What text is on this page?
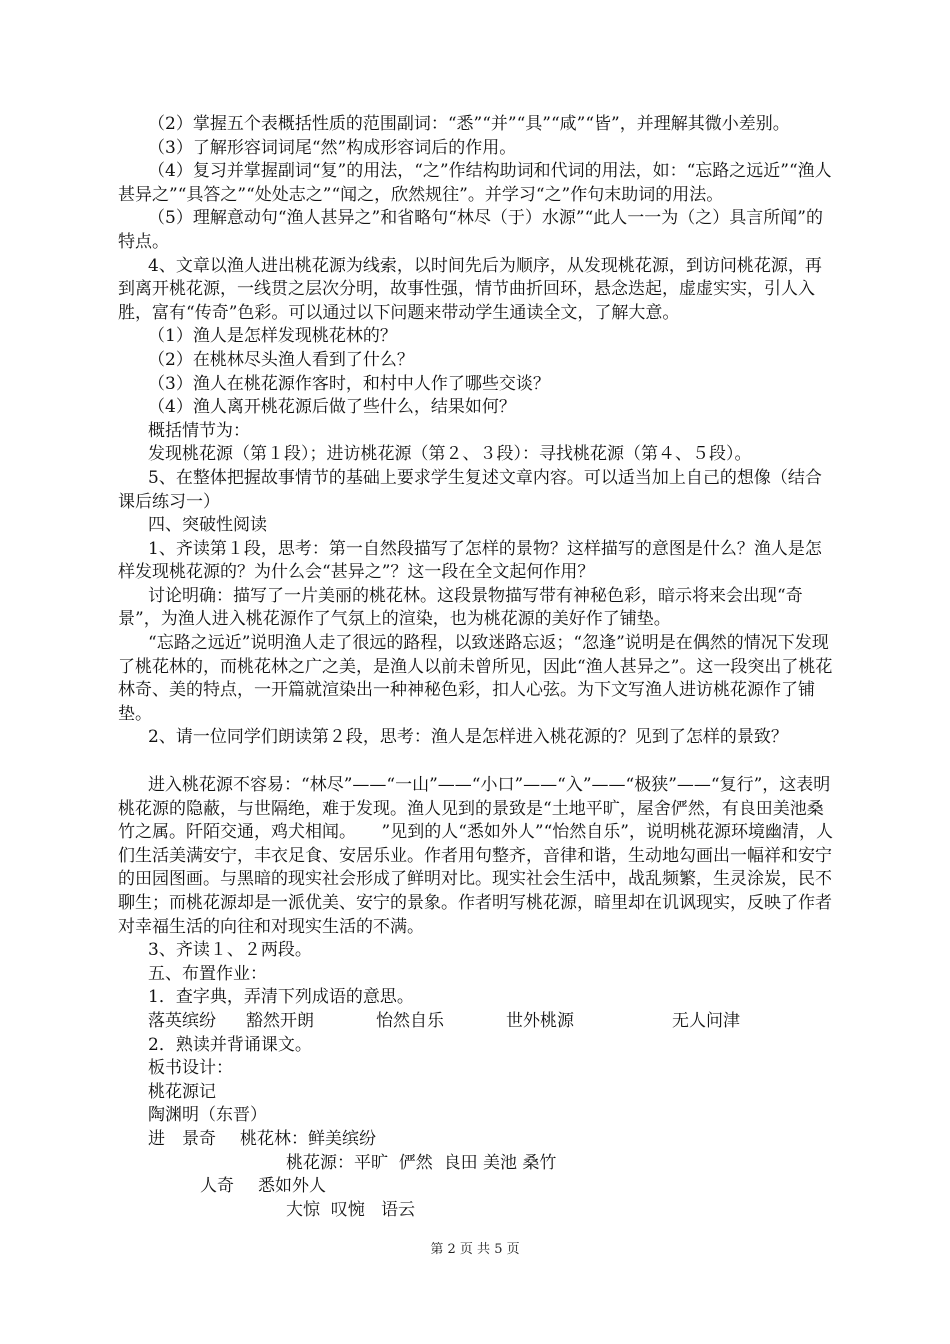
（2）掌握五个表概括性质的范围副词：“悉”“并”“具”“咸”“皆”，并理解其微小差别。

（3）了解形容词词尾“然”构成形容词后的作用。

（4）复习并掌握副词“复”的用法，“之”作结构助词和代词的用法，如：“忘路之远近”“渔人甚异之”“具答之”“处处志之”“闻之，欣然规往”。并学习“之”作句末助词的用法。

（5）理解意动句“渔人甚异之”和省略句“林尽（于）水源”“此人一一为（之）具言所闻”的特点。

4、文章以渔人进出桃花源为线索，以时间先后为顺序，从发现桃花源，到访问桃花源，再到离开桃花源，一线贯之层次分明，故事性强，情节曲折回环，悬念迭起，虚虚实实，引人入胜，富有“传奇”色彩。可以通过以下问题来带动学生通读全文，了解大意。

（1）渔人是怎样发现桃花林的？

（2）在桃林尽头渔人看到了什么？

（3）渔人在桃花源作客时，和村中人作了哪些交谈？

（4）渔人离开桃花源后做了些什么，结果如何？

概括情节为：

发现桃花源（第１段）；进访桃花源（第２、３段）：寻找桃花源（第４、５段）。

5、在整体把握故事情节的基础上要求学生复述文章内容。可以适当加上自己的想像（结合课后练习一）

四、突破性阅读

1、齐读第１段，思考：第一自然段描写了怎样的景物？这样描写的意图是什么？渔人是怎样发现桃花源的？为什么会“甚异之”？这一段在全文起何作用？

讨论明确：描写了一片美丽的桃花林。这段景物描写带有神秘色彩，暗示将来会出现“奇景”，为渔人进入桃花源作了气氛上的渲染，也为桃花源的美好作了铺垫。

“忘路之远近”说明渔人走了很远的路程，以致迷路忘返；“忽逢”说明是在偶然的情况下发现了桃花林的，而桃花林之广之美，是渔人以前未曾所见，因此“渔人甚异之”。这一段突出了桃花林奇、美的特点，一开篇就渲染出一种神秘色彩，扣人心弦。为下文写渔人进访桃花源作了铺垫。

2、请一位同学们朗读第２段，思考：渔人是怎样进入桃花源的？见到了怎样的景致？

进入桃花源不容易：“林尽”——“一山”——“小口”——“入”——“极狭”——“复行”，这表明桃花源的隐蔽，与世隔绝，难于发现。渔人见到的景致是“土地平旷，屋舍俨然，有良田美池桑竹之属。阡陌交通，鸡犬相闻。　　”见到的人“悉如外人”“怡然自乐”，说明桃花源环境幽清，人们生活美满安宁，丰衣足食、安居乐业。作者用句整齐，音律和谐，生动地勾画出一幅祥和安宁的田园图画。与黑暗的现实社会形成了鲜明对比。现实社会生活中，战乱频繁，生灵涂炭，民不聊生；而桃花源却是一派优美、安宁的景象。作者明写桃花源，暗里却在讥讽现实，反映了作者对幸福生活的向往和对现实生活的不满。

3、齐读１、２两段。

五、布置作业：

1．查字典，弄清下列成语的意思。

落英缤纷 豁然开朗	怡然自乐	世外桃源	无人问津

2．熟读并背诵课文。

板书设计：

桃花源记

陶渊明（东晋）

进　景奇 桃花林：鲜美缤纷
桃花源：平旷  俨然  良田 美池 桑竹
人奇 悉如外人
大惊  叹惋   语云
第 2 页 共 5 页
